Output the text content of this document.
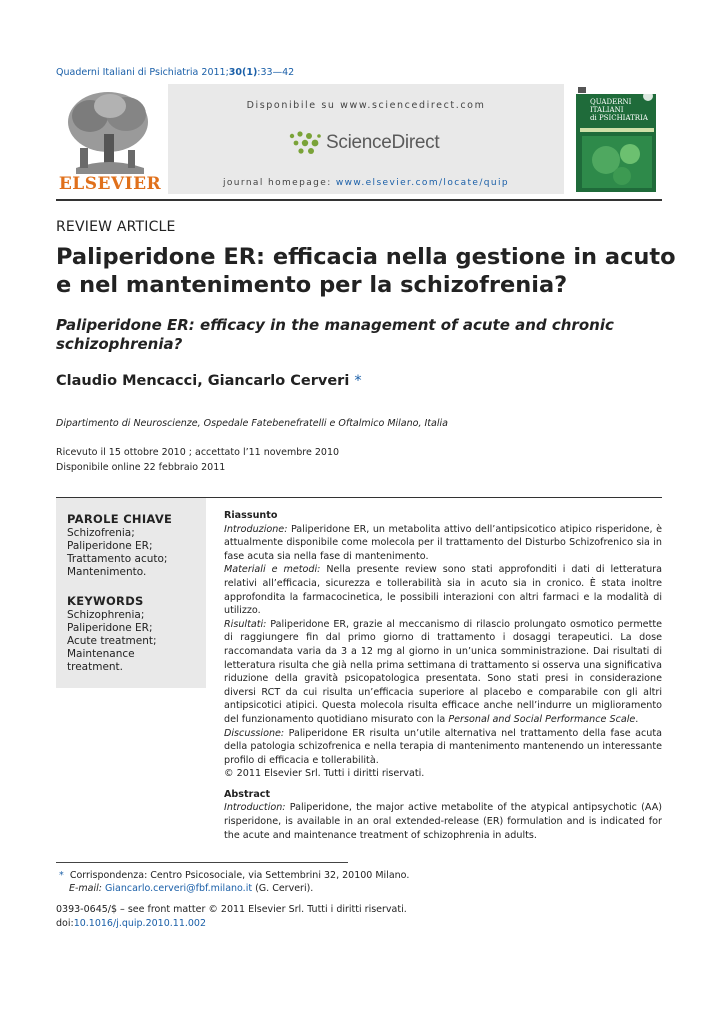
Quaderni Italiani di Psichiatria 2011;30(1):33—42
ELSEVIER
Disponibile su www.sciencedirect.com
ScienceDirect
journal homepage: www.elsevier.com/locate/quip
QUADERNI
ITALIANI
di PSICHIATRIA
REVIEW ARTICLE
Paliperidone ER: efficacia nella gestione in acuto
e nel mantenimento per la schizofrenia?
Paliperidone ER: efficacy in the management of acute and chronic
schizophrenia?
Claudio Mencacci, Giancarlo Cerveri *
Dipartimento di Neuroscienze, Ospedale Fatebenefratelli e Oftalmico Milano, Italia
Ricevuto il 15 ottobre 2010 ; accettato l’11 novembre 2010
Disponibile online 22 febbraio 2011
PAROLE CHIAVE
Schizofrenia;
Paliperidone ER;
Trattamento acuto;
Mantenimento.
KEYWORDS
Schizophrenia;
Paliperidone ER;
Acute treatment;
Maintenance
treatment.

Riassunto

Introduzione: Paliperidone ER, un metabolita attivo dell’antipsicotico atipico risperidone, è attualmente disponibile come molecola per il trattamento del Disturbo Schizofrenico sia in fase acuta sia nella fase di mantenimento.

Materiali e metodi: Nella presente review sono stati approfonditi i dati di letteratura relativi all’efficacia, sicurezza e tollerabilità sia in acuto sia in cronico. È stata inoltre approfondita la farmacocinetica, le possibili interazioni con altri farmaci e la modalità di utilizzo.

Risultati: Paliperidone ER, grazie al meccanismo di rilascio prolungato osmotico permette di raggiungere fin dal primo giorno di trattamento i dosaggi terapeutici. La dose raccomandata varia da 3 a 12 mg al giorno in un’unica somministrazione. Dai risultati di letteratura risulta che già nella prima settimana di trattamento si osserva una significativa riduzione della gravità psicopatologica presentata. Sono stati presi in considerazione diversi RCT da cui risulta un’efficacia superiore al placebo e comparabile con gli altri antipsicotici atipici. Questa molecola risulta efficace anche nell’indurre un miglioramento del funzionamento quotidiano misurato con la Personal and Social Performance Scale.

Discussione: Paliperidone ER risulta un’utile alternativa nel trattamento della fase acuta della patologia schizofrenica e nella terapia di mantenimento mantenendo un interessante profilo di efficacia e tollerabilità.

© 2011 Elsevier Srl. Tutti i diritti riservati.

Abstract

Introduction: Paliperidone, the major active metabolite of the atypical antipsychotic (AA) risperidone, is available in an oral extended-release (ER) formulation and is indicated for the acute and maintenance treatment of schizophrenia in adults.

* Corrispondenza: Centro Psicosociale, via Settembrini 32, 20100 Milano.
E-mail: Giancarlo.cerveri@fbf.milano.it (G. Cerveri).
0393-0645/$ – see front matter © 2011 Elsevier Srl. Tutti i diritti riservati.
doi:10.1016/j.quip.2010.11.002
